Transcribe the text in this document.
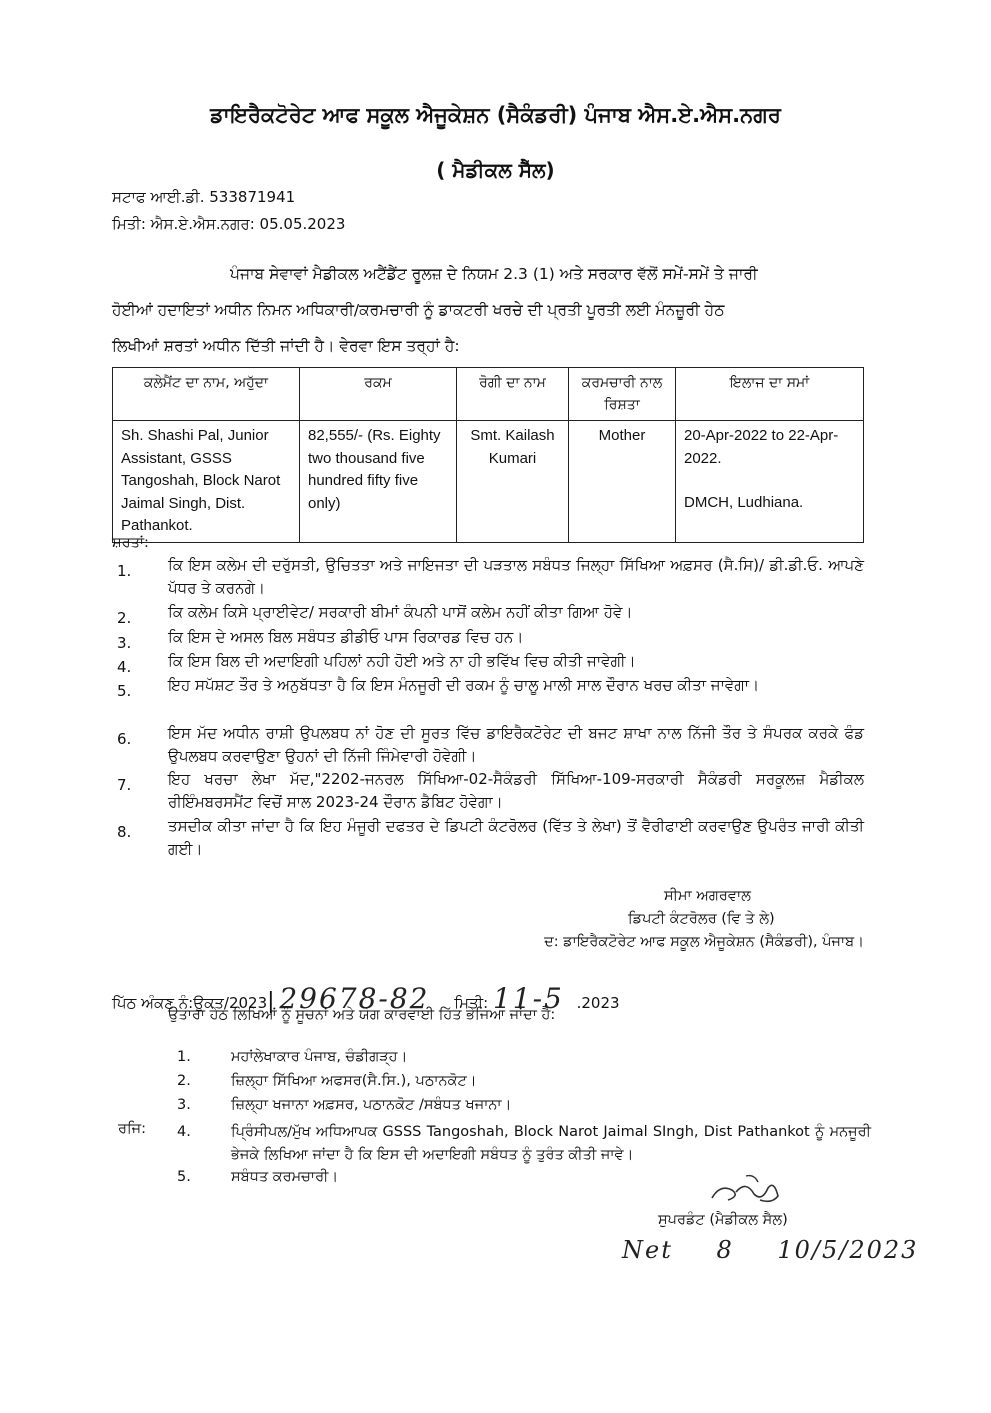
ਡਾਇਰੈਕਟੋਰੇਟ ਆਫ ਸਕੂਲ ਐਜੂਕੇਸ਼ਨ (ਸੈਕੰਡਰੀ) ਪੰਜਾਬ ਐਸ.ਏ.ਐਸ.ਨਗਰ
( ਮੈਡੀਕਲ ਸੈੱਲ)
ਸਟਾਫ ਆਈ.ਡੀ. 533871941
ਮਿਤੀ: ਐਸ.ਏ.ਐਸ.ਨਗਰ: 05.05.2023

ਪੰਜਾਬ ਸੇਵਾਵਾਂ ਮੈਡੀਕਲ ਅਟੈਂਡੈਂਟ ਰੂਲਜ਼ ਦੇ ਨਿਯਮ 2.3 (1) ਅਤੇ ਸਰਕਾਰ ਵੱਲੋਂ ਸਮੇਂ-ਸਮੇਂ ਤੇ ਜਾਰੀ

ਹੋਈਆਂ ਹਦਾਇਤਾਂ ਅਧੀਨ ਨਿਮਨ ਅਧਿਕਾਰੀ/ਕਰਮਚਾਰੀ ਨੂੰ ਡਾਕਟਰੀ ਖਰਚੇ ਦੀ ਪ੍ਰਤੀ ਪੂਰਤੀ ਲਈ ਮੰਨਜ਼ੂਰੀ ਹੇਠ

ਲਿਖੀਆਂ ਸ਼ਰਤਾਂ ਅਧੀਨ ਦਿੱਤੀ ਜਾਂਦੀ ਹੈ। ਵੇਰਵਾ ਇਸ ਤਰ੍ਹਾਂ ਹੈ:

ਕਲੇਮੈਂਟ ਦਾ ਨਾਮ, ਅਹੁੱਦਾ	ਰਕਮ	ਰੋਗੀ ਦਾ ਨਾਮ	ਕਰਮਚਾਰੀ ਨਾਲ ਰਿਸ਼ਤਾ	ਇਲਾਜ ਦਾ ਸਮਾਂ
Sh. Shashi Pal, Junior Assistant, GSSS Tangoshah, Block Narot Jaimal Singh, Dist. Pathankot.	82,555/- (Rs. Eighty two thousand five hundred fifty five only)	Smt. Kailash Kumari	Mother	20-Apr-2022 to 22-Apr-2022.
DMCH, Ludhiana.
ਸ਼ਰਤਾਂ:
1.	ਕਿ ਇਸ ਕਲੇਮ ਦੀ ਦਰੁੱਸਤੀ, ਉਚਿਤਤਾ ਅਤੇ ਜਾਇਜਤਾ ਦੀ ਪੜਤਾਲ ਸਬੰਧਤ ਜਿਲ੍ਹਾ ਸਿੱਖਿਆ ਅਫ਼ਸਰ (ਸੈ.ਸਿ)/ ਡੀ.ਡੀ.ਓ. ਆਪਣੇ ਪੱਧਰ ਤੇ ਕਰਨਗੇ।
2.	ਕਿ ਕਲੇਮ ਕਿਸੇ ਪ੍ਰਾਈਵੇਟ/ ਸਰਕਾਰੀ ਬੀਮਾਂ ਕੰਪਨੀ ਪਾਸੋਂ ਕਲੇਮ ਨਹੀਂ ਕੀਤਾ ਗਿਆ ਹੋਵੇ।
3.	ਕਿ ਇਸ ਦੇ ਅਸਲ ਬਿਲ ਸਬੰਧਤ ਡੀਡੀਓ ਪਾਸ ਰਿਕਾਰਡ ਵਿਚ ਹਨ।
4.	ਕਿ ਇਸ ਬਿਲ ਦੀ ਅਦਾਇਗੀ ਪਹਿਲਾਂ ਨਹੀ ਹੋਈ ਅਤੇ ਨਾ ਹੀ ਭਵਿੱਖ ਵਿਚ ਕੀਤੀ ਜਾਵੇਗੀ।
5.	ਇਹ ਸਪੱਸ਼ਟ ਤੌਰ ਤੇ ਅਨੁਬੱਧਤਾ ਹੈ ਕਿ ਇਸ ਮੰਨਜੂਰੀ ਦੀ ਰਕਮ ਨੂੰ ਚਾਲੂ ਮਾਲੀ ਸਾਲ ਦੌਰਾਨ ਖਰਚ ਕੀਤਾ ਜਾਵੇਗਾ।
6.	ਇਸ ਮੱਦ ਅਧੀਨ ਰਾਸ਼ੀ ਉਪਲਬਧ ਨਾਂ ਹੋਣ ਦੀ ਸੂਰਤ ਵਿੱਚ ਡਾਇਰੈਕਟੋਰੇਟ ਦੀ ਬਜਟ ਸ਼ਾਖਾ ਨਾਲ ਨਿੱਜੀ ਤੌਰ ਤੇ ਸੰਪਰਕ ਕਰਕੇ ਫੰਡ ਉਪਲਬਧ ਕਰਵਾਉਣਾ ਉਹਨਾਂ ਦੀ ਨਿੱਜੀ ਜਿੰਮੇਵਾਰੀ ਹੋਵੇਗੀ।
7.	ਇਹ ਖਰਚਾ ਲੇਖਾ ਮੱਦ,"2202-ਜਨਰਲ ਸਿੱਖਿਆ-02-ਸੈਕੰਡਰੀ ਸਿੱਖਿਆ-109-ਸਰਕਾਰੀ ਸੈਕੰਡਰੀ ਸਰਕੂਲਜ਼ ਮੈਡੀਕਲ ਰੀਇੰਮਬਰਸਮੈਂਟ ਵਿਚੋਂ ਸਾਲ 2023-24 ਦੌਰਾਨ ਡੈਬਿਟ ਹੋਵੇਗਾ।
8.	ਤਸਦੀਕ ਕੀਤਾ ਜਾਂਦਾ ਹੈ ਕਿ ਇਹ ਮੰਜੂਰੀ ਦਫਤਰ ਦੇ ਡਿਪਟੀ ਕੰਟਰੋਲਰ (ਵਿੱਤ ਤੇ ਲੇਖਾ) ਤੋਂ ਵੈਰੀਫਾਈ ਕਰਵਾਉਣ ਉਪਰੰਤ ਜਾਰੀ ਕੀਤੀ ਗਈ।
ਸੀਮਾ ਅਗਰਵਾਲ
ਡਿਪਟੀ ਕੰਟਰੋਲਰ (ਵਿ ਤੇ ਲੇ)
ਦ: ਡਾਇਰੈਕਟੋਰੇਟ ਆਫ ਸਕੂਲ ਐਜੂਕੇਸ਼ਨ (ਸੈਕੰਡਰੀ), ਪੰਜਾਬ।
ਪਿੱਠ ਅੰਕਣ ਨੰ:ਉਕਤ/2023| 29678-82 ਮਿਤੀ: 11-5 .2023
ਉਤਾਰਾ ਹੇਠ ਲਿਖਿਆਂ ਨੂੰ ਸੂਚਨਾਂ ਅਤੇ ਯੋਗ ਕਾਰਵਾਈ ਹਿੱਤ ਭੇਜਿਆ ਜਾਂਦਾ ਹੈ:
ਰਜਿ:
1.	ਮਹਾਂਲੇਖਾਕਾਰ ਪੰਜਾਬ, ਚੰਡੀਗੜ੍ਹ।
2.	ਜ਼ਿਲ੍ਹਾ ਸਿੱਖਿਆ ਅਫਸਰ(ਸੈ.ਸਿ.), ਪਠਾਨਕੋਟ।
3.	ਜ਼ਿਲ੍ਹਾ ਖਜਾਨਾ ਅਫ਼ਸਰ, ਪਠਾਨਕੋਟ /ਸਬੰਧਤ ਖਜਾਨਾ।
4.	ਪ੍ਰਿੰਸੀਪਲ/ਮੁੱਖ ਅਧਿਆਪਕ GSSS Tangoshah, Block Narot Jaimal SIngh, Dist Pathankot ਨੂੰ ਮਨਜੂਰੀ ਭੇਜਕੇ ਲਿਖਿਆ ਜਾਂਦਾ ਹੈ ਕਿ ਇਸ ਦੀ ਅਦਾਇਗੀ ਸਬੰਧਤ ਨੂੰ ਤੁਰੰਤ ਕੀਤੀ ਜਾਵੇ।
5.	ਸਬੰਧਤ ਕਰਮਚਾਰੀ।
ਸੁਪਰਡੰਟ (ਮੈਡੀਕਲ ਸੈਲ)
Net 8 10/5/2023
